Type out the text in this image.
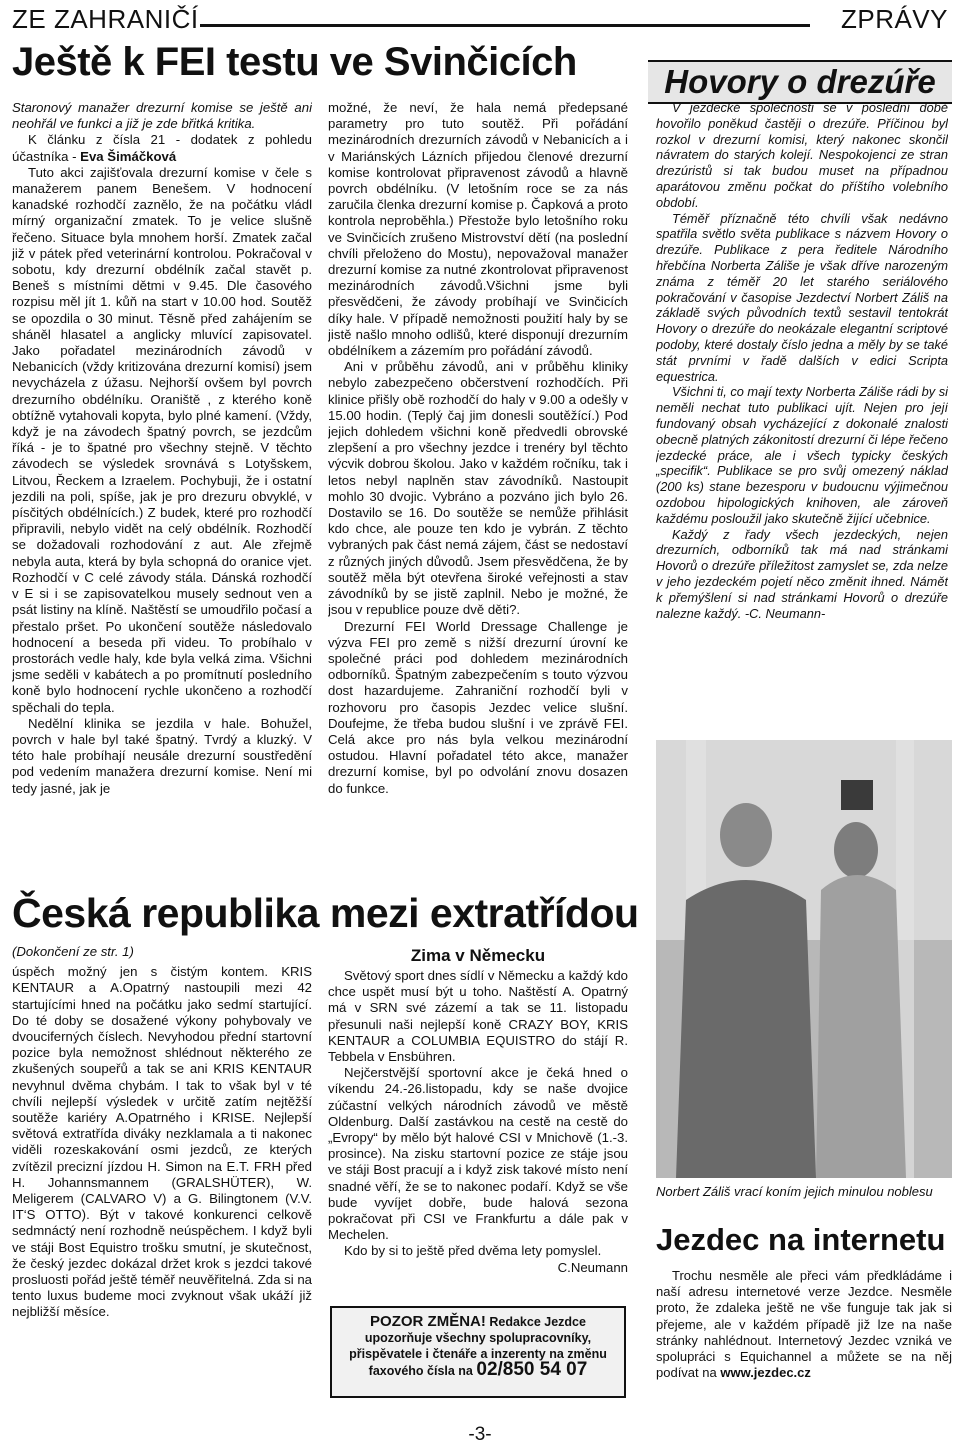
ZE ZAHRANIČÍ	ZPRÁVY
Ještě k FEI testu ve Svinčicích

Staronový manažer drezurní komise se ještě ani neohřál ve funkci a již je zde břitká kritika.

K článku z čísla 21 - dodatek z pohledu účastníka - Eva Šimáčková

Tuto akci zajišťovala drezurní komise v čele s manažerem panem Benešem. V hodnocení kanadské rozhodčí zaznělo, že na počátku vládl mírný organizační zmatek. To je velice slušně řečeno. Situace byla mnohem horší. Zmatek začal již v pátek před veterinární kontrolou. Pokračoval v sobotu, kdy drezurní obdélník začal stavět p. Beneš s místními dětmi v 9.45. Dle časového rozpisu měl jít 1. kůň na start v 10.00 hod. Soutěž se opozdila o 30 minut. Těsně před zahájením se sháněl hlasatel a anglicky mluvící zapisovatel. Jako pořadatel mezinárodních závodů v Nebanicích (vždy kritizována drezurní komisí) jsem nevycházela z úžasu. Nejhorší ovšem byl povrch drezurního obdélníku. Oraniště , z kterého koně obtížně vytahovali kopyta, bylo plné kamení. (Vždy, když je na závodech špatný povrch, se jezdcům říká - je to špatné pro všechny stejně. V těchto závodech se výsledek srovnává s Lotyšskem, Litvou, Řeckem a Izraelem. Pochybuji, že i ostatní jezdili na poli, spíše, jak je pro drezuru obvyklé, v písčitých obdélnících.) Z budek, které pro rozhodčí připravili, nebylo vidět na celý obdélník. Rozhodčí se dožadovali rozhodování z aut. Ale zřejmě nebyla auta, která by byla schopná do oranice vjet. Rozhodčí v C celé závody stála. Dánská rozhodčí v E si i se zapisovatelkou musely sednout ven a psát listiny na klíně. Naštěstí se umoudřilo počasí a přestalo pršet. Po ukončení soutěže následovalo hodnocení a beseda při videu. To probíhalo v prostorách vedle haly, kde byla velká zima. Všichni jsme seděli v kabátech a po promítnutí posledního koně bylo hodnocení rychle ukončeno a rozhodčí spěchali do tepla.

Nedělní klinika se jezdila v hale. Bohužel, povrch v hale byl také špatný. Tvrdý a kluzký. V této hale probíhají neusále drezurní soustředění pod vedením manažera drezurní komise. Není mi tedy jasné, jak je

možné, že neví, že hala nemá předepsané parametry pro tuto soutěž. Při pořádání mezinárodních drezurních závodů v Nebanicích a i v Mariánských Lázních přijedou členové drezurní komise kontrolovat připravenost závodů a hlavně povrch obdélníku. (V letošním roce se za nás zaručila členka drezurní komise p. Čapková a proto kontrola neproběhla.) Přestože bylo letošního roku ve Svinčicích zrušeno Mistrovství dětí (na poslední chvíli přeloženo do Mostu), nepovažoval manažer drezurní komise za nutné zkontrolovat připravenost mezinárodních závodů.Všichni jsme byli přesvědčeni, že závody probíhají ve Svinčicích díky hale. V případě nemožnosti použití haly by se jistě našlo mnoho odlišů, které disponují drezurním obdélníkem a zázemím pro pořádání závodů.

Ani v průběhu závodů, ani v průběhu kliniky nebylo zabezpečeno občerstvení rozhodčích. Při klinice přišly obě rozhodčí do haly v 9.00 a odešly v 15.00 hodin. (Teplý čaj jim donesli soutěžící.) Pod jejich dohledem všichni koně předvedli obrovské zlepšení a pro všechny jezdce i trenéry byl těchto výcvik dobrou školou. Jako v každém ročníku, tak i letos nebyl naplněn stav závodníků. Nastoupit mohlo 30 dvojic. Vybráno a pozváno jich bylo 26. Dostavilo se 16. Do soutěže se nemůže přihlásit kdo chce, ale pouze ten kdo je vybrán. Z těchto vybraných pak část nemá zájem, část se nedostaví z různých jiných důvodů. Jsem přesvědčena, že by soutěž měla být otevřena široké veřejnosti a stav závodníků by se jistě zaplnil. Nebo je možné, že jsou v republice pouze dvě děti?.

Drezurní FEI World Dressage Challenge je výzva FEI pro země s nižší drezurní úrovní ke společné práci pod dohledem mezinárodních odborníků. Špatným zabezpečením s touto výzvou dost hazardujeme. Zahraniční rozhodčí byli v rozhovoru pro časopis Jezdec velice slušní. Doufejme, že třeba budou slušní i ve zprávě FEI. Celá akce pro nás byla velkou mezinárodní ostudou. Hlavní pořadatel této akce, manažer drezurní komise, byl po odvolání znovu dosazen do funkce.

Hovory o drezúře

V jezdecké společnosti se v poslední době hovořilo poněkud častěji o drezúře. Příčinou byl rozkol v drezurní komisi, který nakonec skončil návratem do starých kolejí. Nespokojenci ze stran drezúristů si tak budou muset na případnou aparátovou změnu počkat do příštího volebního období.

Téměř příznačně této chvíli však nedávno spatřila světlo světa publikace s názvem Hovory o drezúře. Publikace z pera ředitele Národního hřebčína Norberta Záliše je však dříve narozeným známa z téměř 20 let starého seriálového pokračování v časopise Jezdectví Norbert Záliš na základě svých původních textů sestavil tentokrát Hovory o drezúře do neokázale elegantní scriptové podoby, které dostaly číslo jedna a měly by se také stát prvními v řadě dalších v edici Scripta equestrica.

Všichni ti, co mají texty Norberta Záliše rádi by si neměli nechat tuto publikaci ujít. Nejen pro její fundovaný obsah vycházející z dokonalé znalosti obecně platných zákonitostí drezurní či lépe řečeno jezdecké práce, ale i všech typicky českých „specifik“. Publikace se pro svůj omezený náklad (200 ks) stane bezesporu v budoucnu výjimečnou ozdobou hipologických knihoven, ale zároveň každému posloužil jako skutečně žijící učebnice.

Každý z řady všech jezdeckých, nejen drezurních, odborníků tak má nad stránkami Hovorů o drezúře příležitost zamyslet se, zda nelze v jeho jezdeckém pojetí něco změnit ihned. Námět k přemýšlení si nad stránkami Hovorů o drezúře nalezne každý. -C. Neumann-

Norbert Záliš vrací koním jejich minulou noblesu
Jezdec na internetu

Trochu nesměle ale přeci vám předkládáme i naší adresu internetové verze Jezdce. Nesměle proto, že zdaleka ještě ne vše funguje tak jak si přejeme, ale v každém případě již lze na naše stránky nahlédnout. Internetový Jezdec vzniká ve spolupráci s Equichannel a můžete se na něj podívat na www.jezdec.cz

Česká republika mezi extratřídou

(Dokončení ze str. 1)

úspěch možný jen s čistým kontem. KRIS KENTAUR a A.Opatrný nastoupili mezi 42 startujícími hned na počátku jako sedmí startující. Do té doby se dosažené výkony pohybovaly ve dvouciferných číslech. Nevyhodou přední startovní pozice byla nemožnost shlédnout některého ze zkušených soupeřů a tak se ani KRIS KENTAUR nevyhnul dvěma chybám. I tak to však byl v té chvíli nejlepší výsledek v určitě zatím nejtěžší soutěže kariéry A.Opatrného i KRISE. Nejlepší světová extratřída diváky nezklamala a ti nakonec viděli rozeskakování osmi jezdců, ze kterých zvítězil precizní jízdou H. Simon na E.T. FRH před H. Johannsmannem (GRALSHÜTER), W. Meligerem (CALVARO V) a G. Bilingtonem (V.V. IT‘S OTTO). Být v takové konkurenci celkově sedmnáctý není rozhodně neúspěchem. I když byli ve stáji Bost Equistro trošku smutní, je skutečnost, že český jezdec dokázal držet krok s jezdci takové prosluosti pořád ještě téměř neuvěřitelná. Zda si na tento luxus budeme moci zvyknout však ukáží již nejbližší měsíce.

Zima v Německu

Světový sport dnes sídlí v Německu a každý kdo chce uspět musí být u toho. Naštěstí A. Opatrný má v SRN své zázemí a tak se 11. listopadu přesunuli naši nejlepší koně CRAZY BOY, KRIS KENTAUR a COLUMBIA EQUISTRO do stájí R. Tebbela v Ensbühren.

Nejčerstvější sportovní akce je čeká hned o víkendu 24.-26.listopadu, kdy se naše dvojice zúčastní velkých národních závodů ve městě Oldenburg. Další zastávkou na cestě na cestě do „Evropy“ by mělo být halové CSI v Mnichově (1.-3. prosince). Na zisku startovní pozice ze stáje jsou ve stáji Bost pracují a i když zisk takové místo není snadné věří, že se to nakonec podaří. Když se vše bude vyvíjet dobře, bude halová sezona pokračovat při CSI ve Frankfurtu a dále pak v Mechelen.

Kdo by si to ještě před dvěma lety pomyslel.

C.Neumann

POZOR ZMĚNA! Redakce Jezdce upozorňuje všechny spolupracovníky, přispěvatele i čtenáře a inzerenty na změnu faxového čísla na 02/850 54 07
-3-
